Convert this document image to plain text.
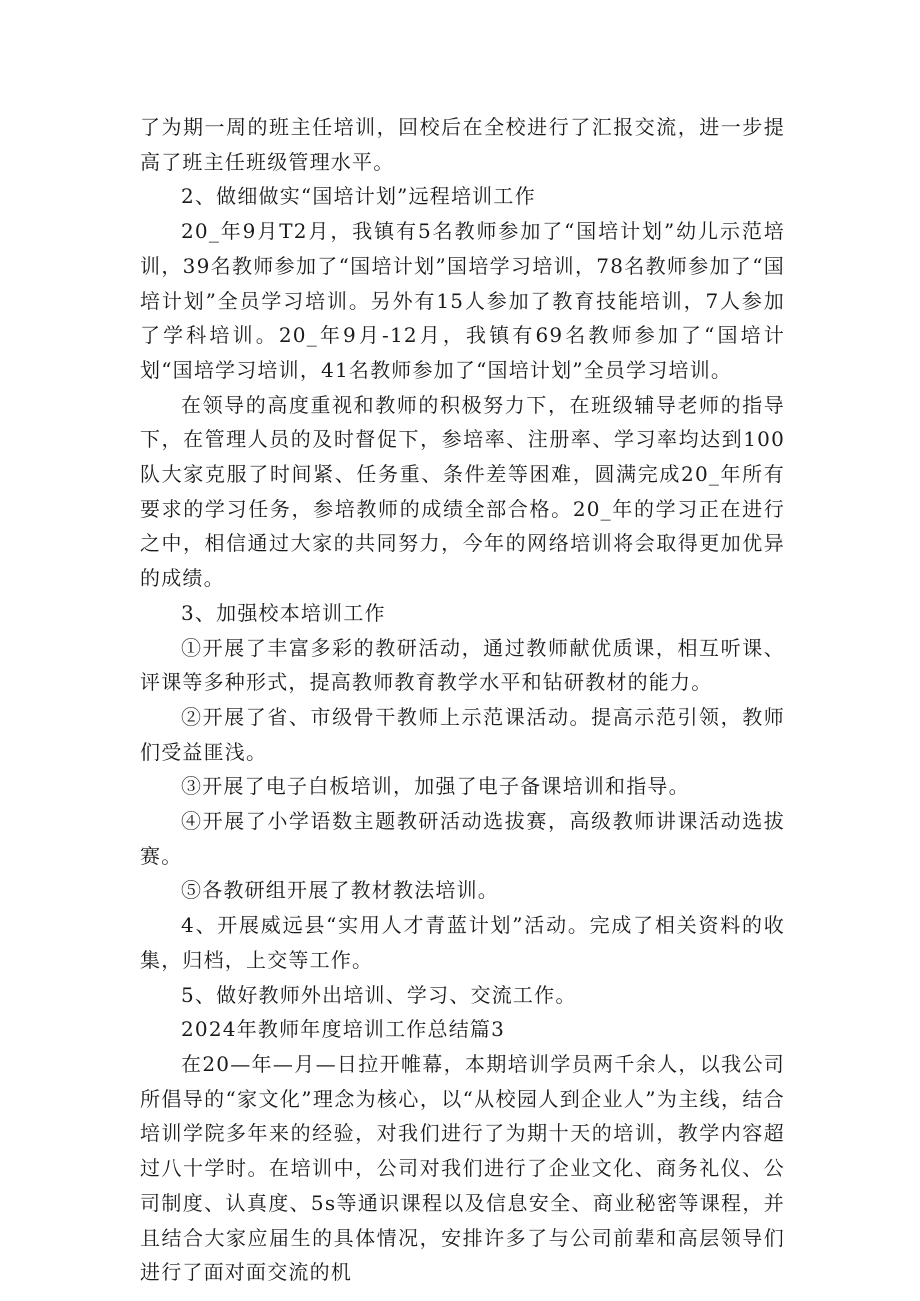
了为期一周的班主任培训，回校后在全校进行了汇报交流，进一步提高了班主任班级管理水平。

2、做细做实“国培计划”远程培训工作

20_年9月T2月，我镇有5名教师参加了“国培计划”幼儿示范培训，39名教师参加了“国培计划”国培学习培训，78名教师参加了“国培计划”全员学习培训。另外有15人参加了教育技能培训，7人参加了学科培训。20_年9月-12月，我镇有69名教师参加了“国培计划“国培学习培训，41名教师参加了“国培计划”全员学习培训。

在领导的高度重视和教师的积极努力下，在班级辅导老师的指导下，在管理人员的及时督促下，参培率、注册率、学习率均达到100队大家克服了时间紧、任务重、条件差等困难，圆满完成20_年所有要求的学习任务，参培教师的成绩全部合格。20_年的学习正在进行之中，相信通过大家的共同努力，今年的网络培训将会取得更加优异的成绩。

3、加强校本培训工作

①开展了丰富多彩的教研活动，通过教师献优质课，相互听课、评课等多种形式，提高教师教育教学水平和钻研教材的能力。

②开展了省、市级骨干教师上示范课活动。提高示范引领，教师们受益匪浅。

③开展了电子白板培训，加强了电子备课培训和指导。

④开展了小学语数主题教研活动选拔赛，高级教师讲课活动选拔赛。

⑤各教研组开展了教材教法培训。

4、开展威远县“实用人才青蓝计划”活动。完成了相关资料的收集，归档，上交等工作。

5、做好教师外出培训、学习、交流工作。

2024年教师年度培训工作总结篇3

在20—年—月—日拉开帷幕，本期培训学员两千余人，以我公司所倡导的“家文化”理念为核心，以“从校园人到企业人”为主线，结合培训学院多年来的经验，对我们进行了为期十天的培训，教学内容超过八十学时。在培训中，公司对我们进行了企业文化、商务礼仪、公司制度、认真度、5s等通识课程以及信息安全、商业秘密等课程，并且结合大家应届生的具体情况，安排许多了与公司前辈和高层领导们进行了面对面交流的机
